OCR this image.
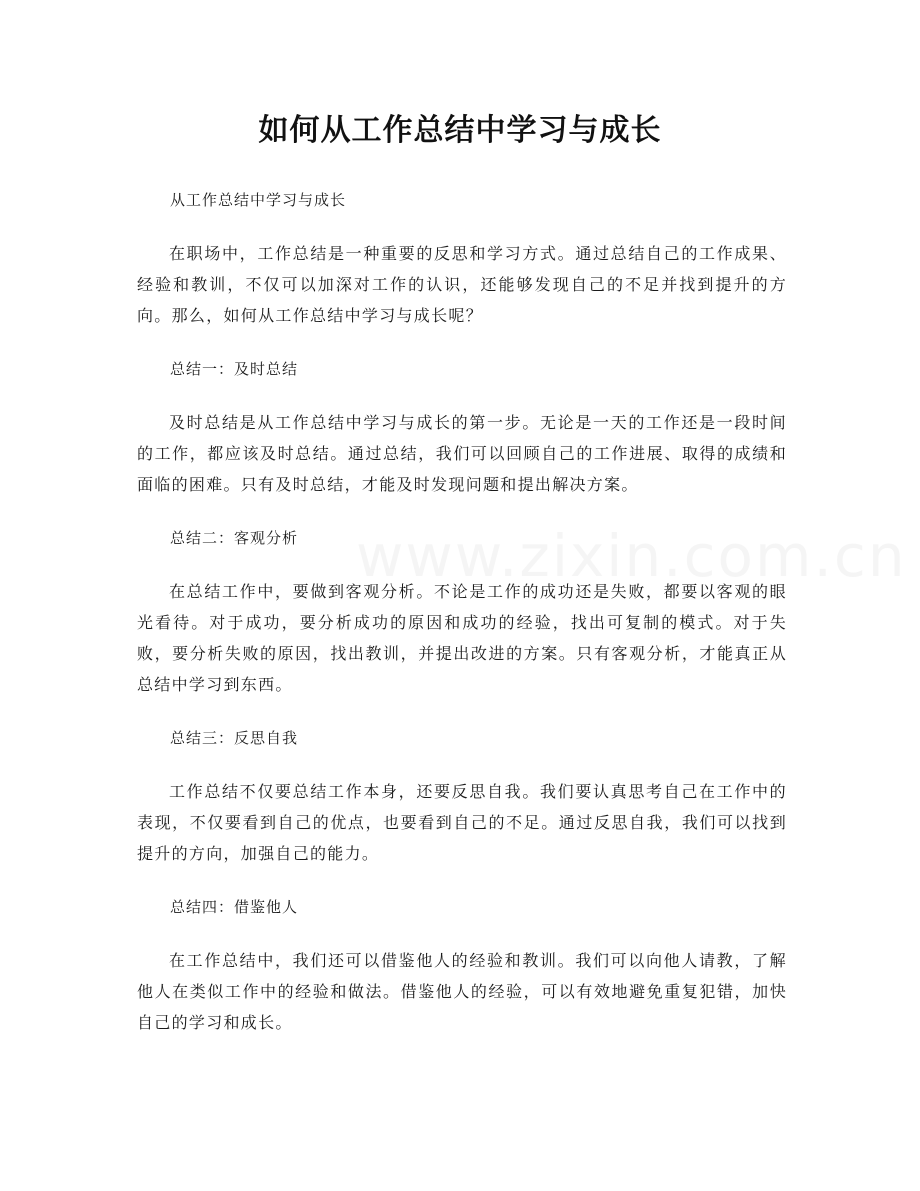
www.zixin.com.cn
如何从工作总结中学习与成长

从工作总结中学习与成长

在职场中，工作总结是一种重要的反思和学习方式。通过总结自己的工作成果、经验和教训，不仅可以加深对工作的认识，还能够发现自己的不足并找到提升的方向。那么，如何从工作总结中学习与成长呢？

总结一：及时总结

及时总结是从工作总结中学习与成长的第一步。无论是一天的工作还是一段时间的工作，都应该及时总结。通过总结，我们可以回顾自己的工作进展、取得的成绩和面临的困难。只有及时总结，才能及时发现问题和提出解决方案。

总结二：客观分析

在总结工作中，要做到客观分析。不论是工作的成功还是失败，都要以客观的眼光看待。对于成功，要分析成功的原因和成功的经验，找出可复制的模式。对于失败，要分析失败的原因，找出教训，并提出改进的方案。只有客观分析，才能真正从总结中学习到东西。

总结三：反思自我

工作总结不仅要总结工作本身，还要反思自我。我们要认真思考自己在工作中的表现，不仅要看到自己的优点，也要看到自己的不足。通过反思自我，我们可以找到提升的方向，加强自己的能力。

总结四：借鉴他人

在工作总结中，我们还可以借鉴他人的经验和教训。我们可以向他人请教，了解他人在类似工作中的经验和做法。借鉴他人的经验，可以有效地避免重复犯错，加快自己的学习和成长。
